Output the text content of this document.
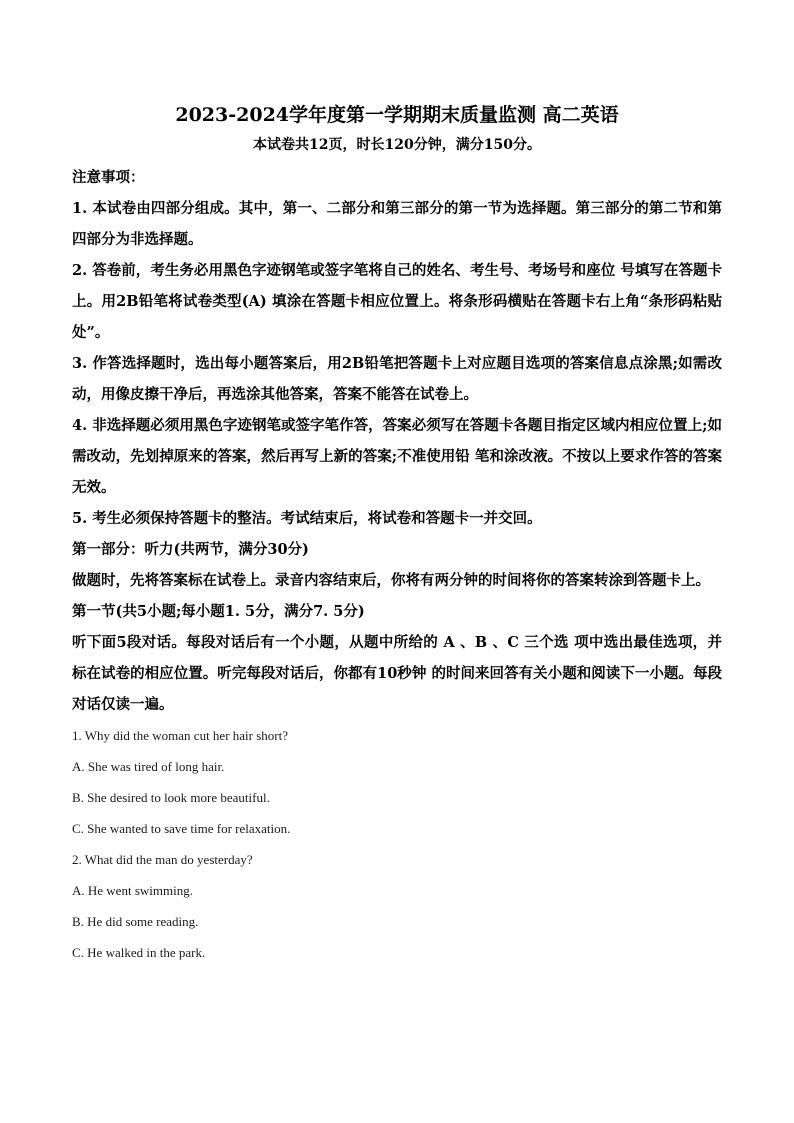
2023-2024学年度第一学期期末质量监测 高二英语
本试卷共12页，时长120分钟，满分150分。

注意事项：

1. 本试卷由四部分组成。其中，第一、二部分和第三部分的第一节为选择题。第三部分的第二节和第四部分为非选择题。

2. 答卷前，考生务必用黑色字迹钢笔或签字笔将自己的姓名、考生号、考场号和座位 号填写在答题卡上。用2B铅笔将试卷类型(A) 填涂在答题卡相应位置上。将条形码横贴在答题卡右上角“条形码粘贴处”。

3. 作答选择题时，选出每小题答案后，用2B铅笔把答题卡上对应题目选项的答案信息点涂黑;如需改动，用像皮擦干净后，再选涂其他答案，答案不能答在试卷上。

4. 非选择题必须用黑色字迹钢笔或签字笔作答，答案必须写在答题卡各题目指定区域内相应位置上;如需改动，先划掉原来的答案，然后再写上新的答案;不准使用铅 笔和涂改液。不按以上要求作答的答案无效。

5. 考生必须保持答题卡的整洁。考试结束后，将试卷和答题卡一并交回。

第一部分：听力(共两节，满分30分)

做题时，先将答案标在试卷上。录音内容结束后，你将有两分钟的时间将你的答案转涂到答题卡上。

第一节(共5小题;每小题1. 5分，满分7. 5分)

听下面5段对话。每段对话后有一个小题，从题中所给的 A 、B 、C 三个选 项中选出最佳选项，并标在试卷的相应位置。听完每段对话后，你都有10秒钟 的时间来回答有关小题和阅读下一小题。每段对话仅读一遍。

1. Why did the woman cut her hair short?

A. She was tired of long hair.

B. She desired to look more beautiful.

C. She wanted to save time for relaxation.

2. What did the man do yesterday?

A. He went swimming.

B. He did some reading.

C. He walked in the park.
